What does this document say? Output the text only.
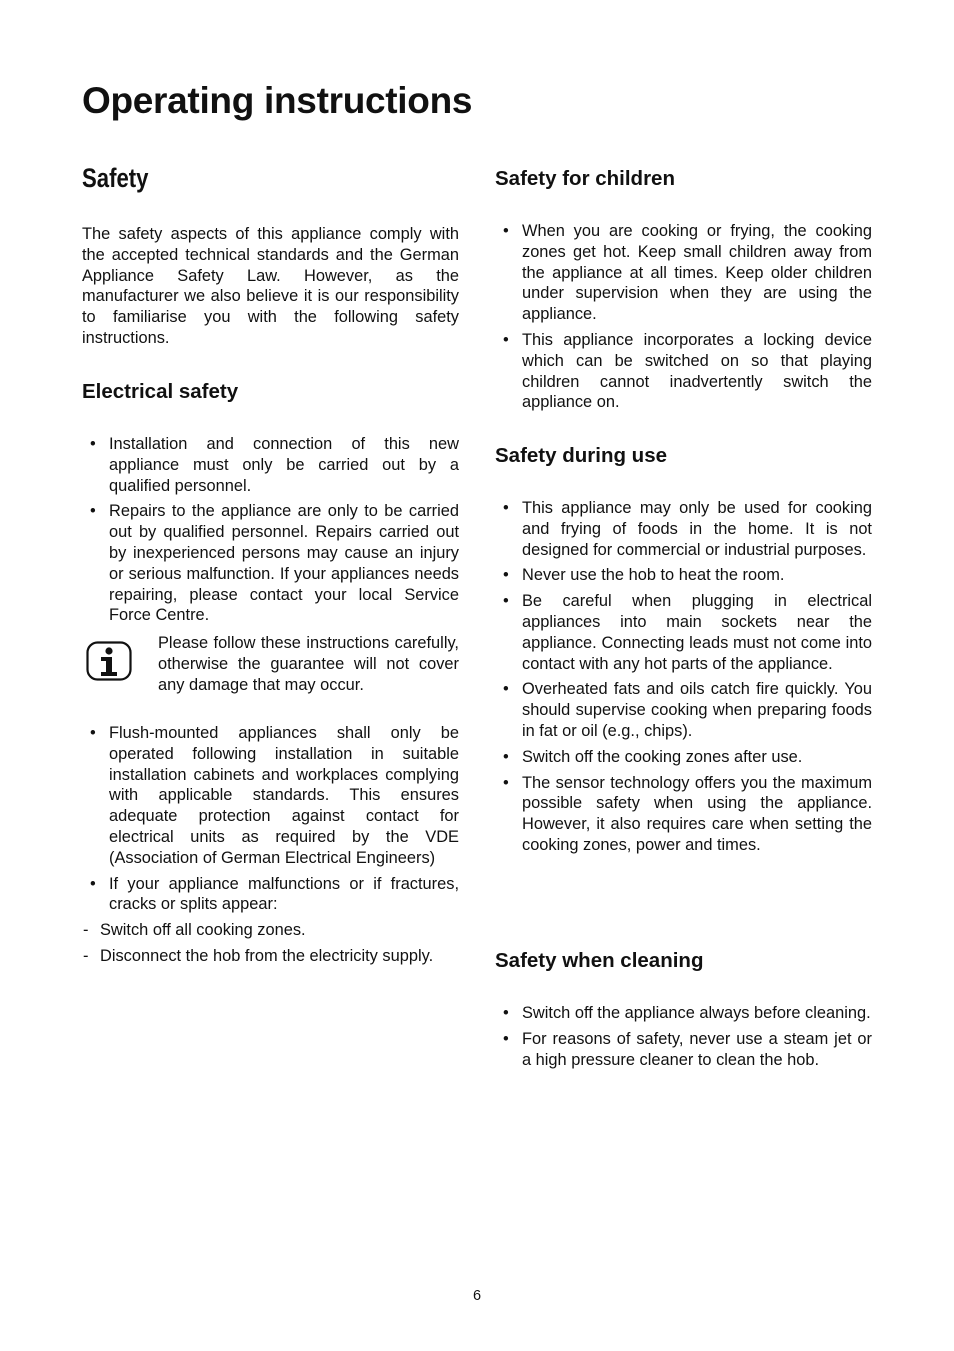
Operating instructions
Safety

The safety aspects of this appliance comply with the accepted technical standards and the German Appliance Safety Law. However, as the manufacturer we also believe it is our responsibility to familiarise you with the following safety instructions.

Electrical safety
• Installation and connection of this new appliance must only be carried out by a qualified personnel.
• Repairs to the appliance are only to be carried out by qualified personnel. Repairs carried out by inexperienced persons may cause an injury or serious malfunction. If your appliances needs repairing, please contact your local Service Force Centre.

Please follow these instructions carefully, otherwise the guarantee will not cover any damage that may occur.

• Flush-mounted appliances shall only be operated following installation in suitable installation cabinets and workplaces complying with applicable standards. This ensures adequate protection against contact for electrical units as required by the VDE (Association of German Electrical Engineers)
• If your appliance malfunctions or if fractures, cracks or splits appear:
- Switch off all cooking zones.
- Disconnect the hob from the electricity supply.
Safety for children
• When you are cooking or frying, the cooking zones get hot. Keep small children away from the appliance at all times. Keep older children under supervision when they are using the appliance.
• This appliance incorporates a locking device which can be switched on so that playing children cannot inadvertently switch the appliance on.
Safety during use
• This appliance may only be used for cooking and frying of foods in the home. It is not designed for commercial or industrial purposes.
• Never use the hob to heat the room.
• Be careful when plugging in electrical appliances into main sockets near the appliance. Connecting leads must not come into contact with any hot parts of the appliance.
• Overheated fats and oils catch fire quickly. You should supervise cooking when preparing foods in fat or oil (e.g., chips).
• Switch off the cooking zones after use.
• The sensor technology offers you the maximum possible safety when using the appliance. However, it also requires care when setting the cooking zones, power and times.
Safety when cleaning
• Switch off the appliance always before cleaning.
• For reasons of safety, never use a steam jet or a high pressure cleaner to clean the hob.
6
